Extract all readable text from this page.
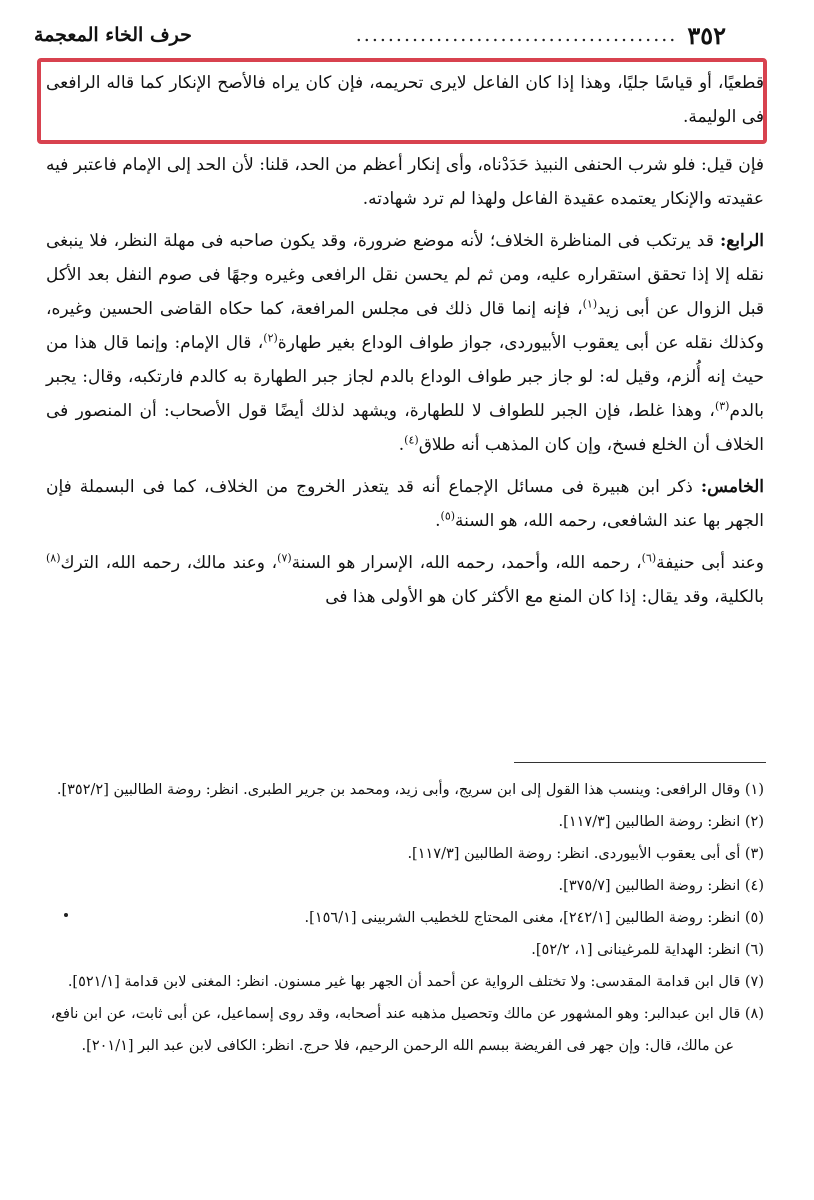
٣٥٢
........................................
حرف الخاء المعجمة

قطعيًا، أو قياسًا جليًا، وهذا إذا كان الفاعل لايرى تحريمه، فإن كان يراه فالأصح الإنكار كما قاله الرافعى فى الوليمة.

فإن قيل: فلو شرب الحنفى النبيذ حَدَدْناه، وأى إنكار أعظم من الحد، قلنا: لأن الحد إلى الإمام فاعتبر فيه عقيدته والإنكار يعتمده عقيدة الفاعل ولهذا لم ترد شهادته.

الرابع: قد يرتكب فى المناظرة الخلاف؛ لأنه موضع ضرورة، وقد يكون صاحبه فى مهلة النظر، فلا ينبغى نقله إلا إذا تحقق استقراره عليه، ومن ثم لم يحسن نقل الرافعى وغيره وجهًا فى صوم النفل بعد الأكل قبل الزوال عن أبى زيد$^{(١)}$، فإنه إنما قال ذلك فى مجلس المرافعة، كما حكاه القاضى الحسين وغيره، وكذلك نقله عن أبى يعقوب الأبيوردى، جواز طواف الوداع بغير طهارة$^{(٢)}$، قال الإمام: وإنما قال هذا من حيث إنه أُلزم، وقيل له: لو جاز جبر طواف الوداع بالدم لجاز جبر الطهارة به كالدم فارتكبه، وقال: يجبر بالدم$^{(٣)}$، وهذا غلط، فإن الجبر للطواف لا للطهارة، ويشهد لذلك أيضًا قول الأصحاب: أن المنصور فى الخلاف أن الخلع فسخ، وإن كان المذهب أنه طلاق$^{(٤)}$.

الخامس: ذكر ابن هبيرة فى مسائل الإجماع أنه قد يتعذر الخروج من الخلاف، كما فى البسملة فإن الجهر بها عند الشافعى، رحمه الله، هو السنة$^{(٥)}$.

وعند أبى حنيفة$^{(٦)}$، رحمه الله، وأحمد، رحمه الله، الإسرار هو السنة$^{(٧)}$، وعند مالك، رحمه الله، الترك$^{(٨)}$ بالكلية، وقد يقال: إذا كان المنع مع الأكثر كان هو الأولى هذا فى

(١) وقال الرافعى: وينسب هذا القول إلى ابن سريج، وأبى زيد، ومحمد بن جرير الطبرى. انظر: روضة الطالبين [٣٥٢/٢].

(٢) انظر: روضة الطالبين [١١٧/٣].

(٣) أى أبى يعقوب الأبيوردى. انظر: روضة الطالبين [١١٧/٣].

(٤) انظر: روضة الطالبين [٣٧٥/٧].

(٥) انظر: روضة الطالبين [٢٤٢/١]، مغنى المحتاج للخطيب الشربينى [١٥٦/١].

(٦) انظر: الهداية للمرغينانى [١، ٥٢/٢].

(٧) قال ابن قدامة المقدسى: ولا تختلف الرواية عن أحمد أن الجهر بها غير مسنون. انظر: المغنى لابن قدامة [٥٢١/١].

(٨) قال ابن عبدالبر: وهو المشهور عن مالك وتحصيل مذهبه عند أصحابه، وقد روى إسماعيل، عن أبى ثابت، عن ابن نافع، عن مالك، قال: وإن جهر فى الفريضة ببسم الله الرحمن الرحيم، فلا حرج. انظر: الكافى لابن عبد البر [٢٠١/١].
